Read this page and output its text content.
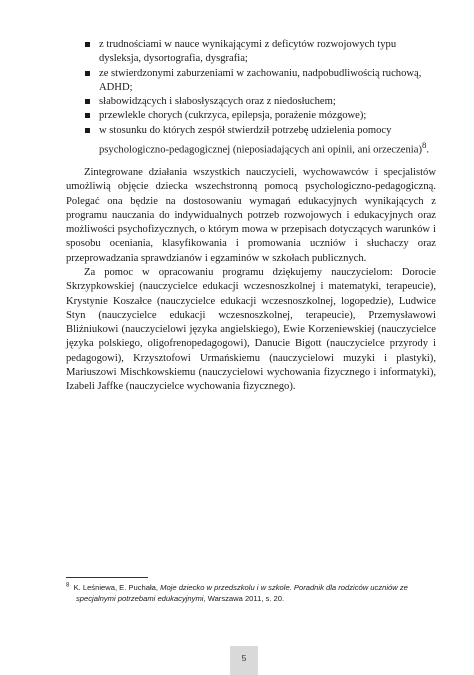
z trudnościami w nauce wynikającymi z deficytów rozwojowych typu dysleksja, dysortografia, dysgrafia;
ze stwierdzonymi zaburzeniami w zachowaniu, nadpobudliwością ruchową, ADHD;
słabowidzących i słabosłyszących oraz z niedosłuchem;
przewlekle chorych (cukrzyca, epilepsja, porażenie mózgowe);
w stosunku do których zespół stwierdził potrzebę udzielenia pomocy psychologiczno-pedagogicznej (nieposiadających ani opinii, ani orzeczenia)$^8$.

Zintegrowane działania wszystkich nauczycieli, wychowawców i specjalistów umożliwią objęcie dziecka wszechstronną pomocą psychologiczno-pedagogiczną. Polegać ona będzie na dostosowaniu wymagań edukacyjnych wynikających z programu nauczania do indywidualnych potrzeb rozwojowych i edukacyjnych oraz możliwości psychofizycznych, o którym mowa w przepisach dotyczących warunków i sposobu oceniania, klasyfikowania i promowania uczniów i słuchaczy oraz przeprowadzania sprawdzianów i egzaminów w szkołach publicznych.

Za pomoc w opracowaniu programu dziękujemy nauczycielom: Dorocie Skrzypkowskiej (nauczycielce edukacji wczesnoszkolnej i matematyki, terapeucie), Krystynie Koszałce (nauczycielce edukacji wczesnoszkolnej, logopedzie), Ludwice Styn (nauczycielce edukacji wczesnoszkolnej, terapeucie), Przemysławowi Bliźniukowi (nauczycielowi języka angielskiego), Ewie Korzeniewskiej (nauczycielce języka polskiego, oligofrenopedagogowi), Danucie Bigott (nauczycielce przyrody i pedagogowi), Krzysztofowi Urmańskiemu (nauczycielowi muzyki i plastyki), Mariuszowi Mischkowskiemu (nauczycielowi wychowania fizycznego i informatyki), Izabeli Jaffke (nauczycielce wychowania fizycznego).

$^8$ K. Leśniewa, E. Puchała, Moje dziecko w przedszkolu i w szkole. Poradnik dla rodziców uczniów ze specjalnymi potrzebami edukacyjnymi, Warszawa 2011, s. 20.

5
